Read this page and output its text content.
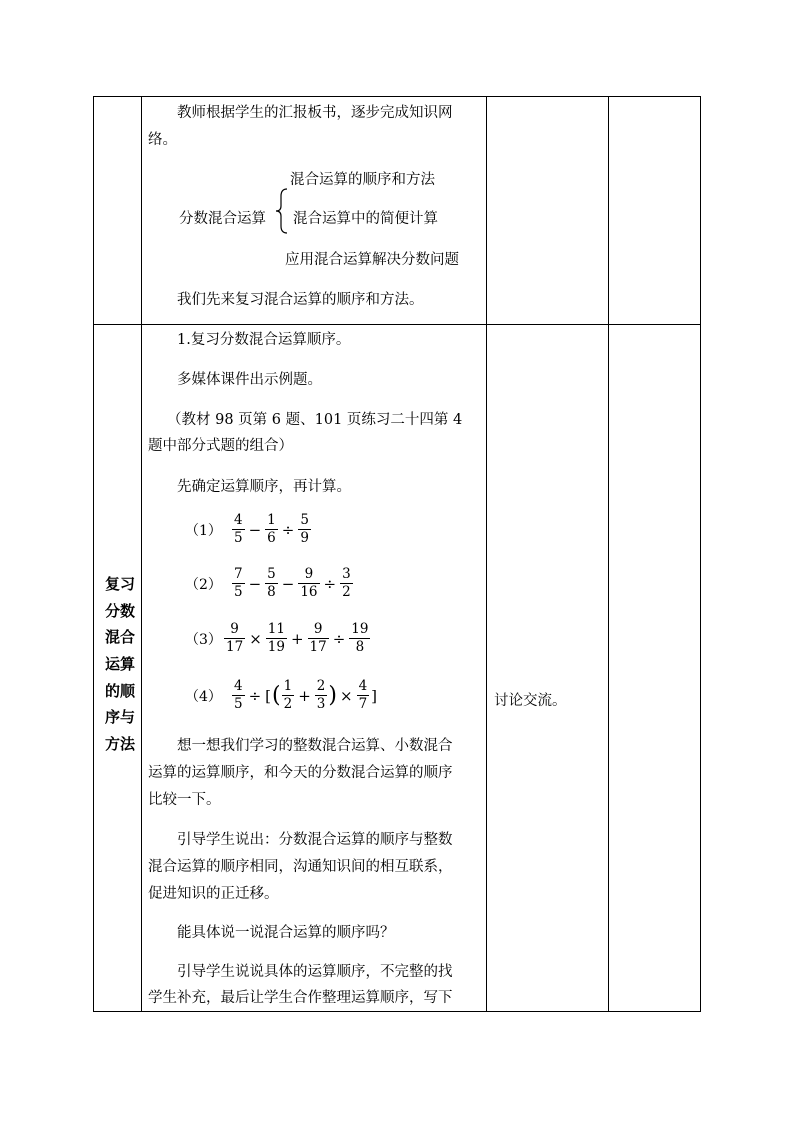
教师根据学生的汇报板书，逐步完成知识网
络。
混合运算的顺序和方法
分数混合运算 混合运算中的简便计算
应用混合运算解决分数问题
我们先来复习混合运算的顺序和方法。
复习
分数
混合
运算
的顺
序与
方法
1.复习分数混合运算顺序。
多媒体课件出示例题。
（教材 98 页第 6 题、101 页练习二十四第 4
题中部分式题的组合）
先确定运算顺序，再计算。
$(1) \frac{4}{5} - \frac{1}{6} \div \frac{5}{9}$
$(2) \frac{7}{5} - \frac{5}{8} - \frac{9}{16} \div \frac{3}{2}$
$(3) \frac{9}{17} \times \frac{11}{19} + \frac{9}{17} \div \frac{19}{8}$
$(4) \frac{4}{5}$ ÷ [ ( $\frac{1}{2} + \frac{2}{3}$ ) × $\frac{4}{7}$ ]
想一想我们学习的整数混合运算、小数混合
运算的运算顺序，和今天的分数混合运算的顺序
比较一下。
引导学生说出：分数混合运算的顺序与整数
混合运算的顺序相同，沟通知识间的相互联系，
促进知识的正迁移。
能具体说一说混合运算的顺序吗？
引导学生说说具体的运算顺序，不完整的找
学生补充，最后让学生合作整理运算顺序，写下
讨论交流。
